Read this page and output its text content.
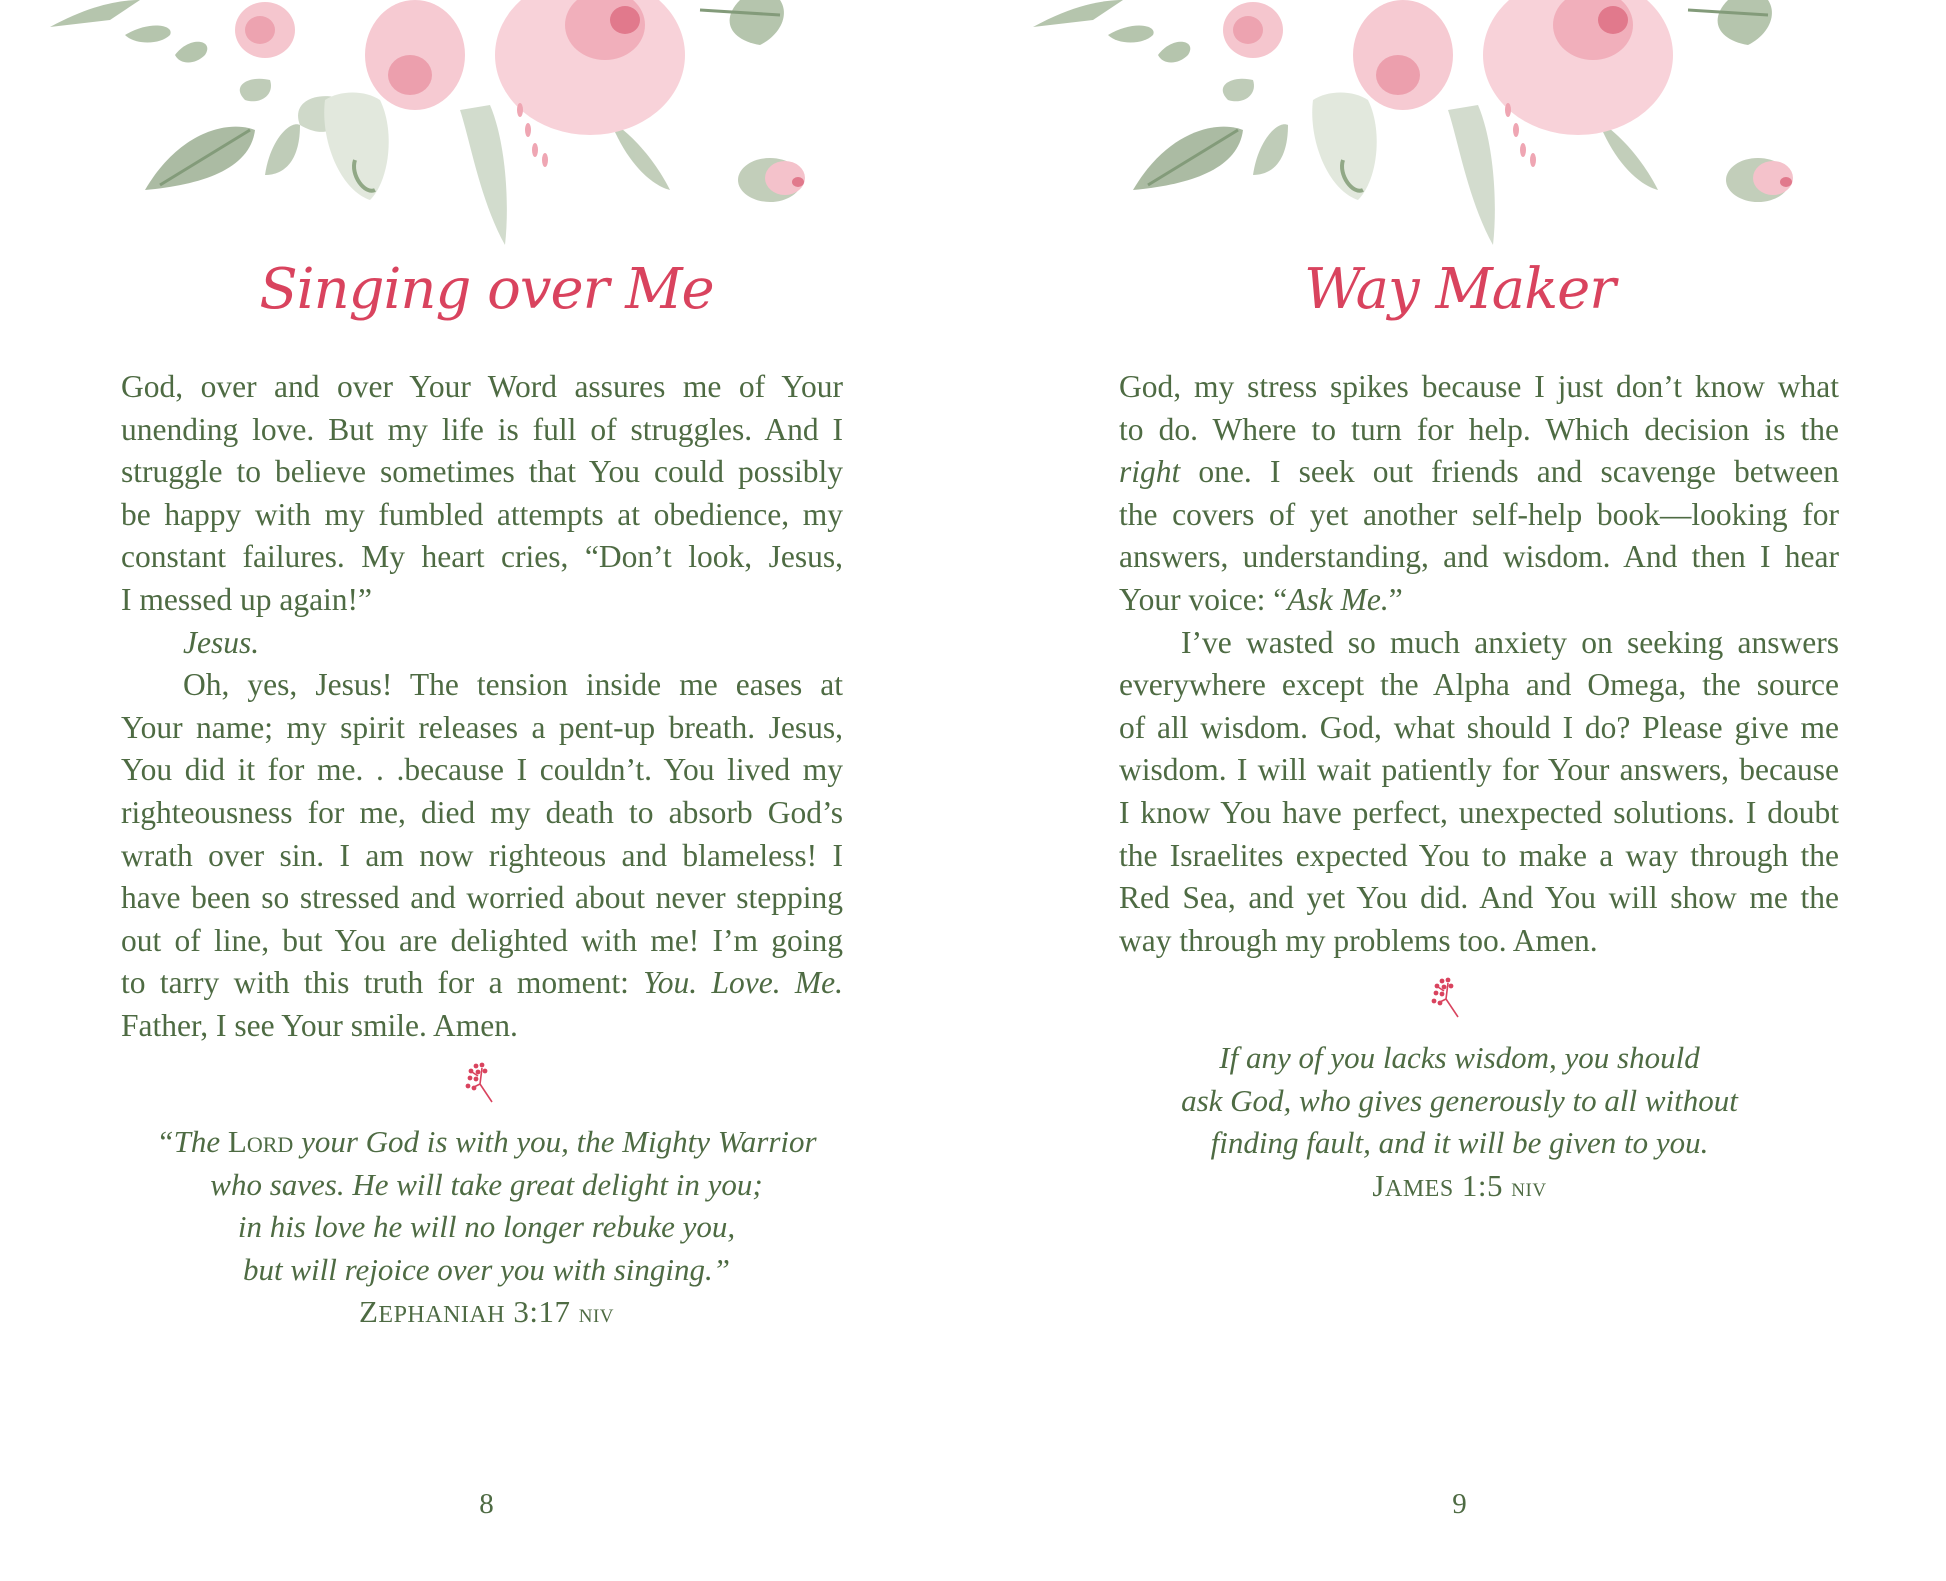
Singing over Me
God, over and over Your Word assures me of Your
unending love. But my life is full of struggles. And I
struggle to believe sometimes that You could possibly
be happy with my fumbled attempts at obedience, my
constant failures. My heart cries, “Don’t look, Jesus,
I messed up again!”
Jesus.
Oh, yes, Jesus! The tension inside me eases at
Your name; my spirit releases a pent-up breath. Jesus,
You did it for me. . .because I couldn’t. You lived my
righteousness for me, died my death to absorb God’s
wrath over sin. I am now righteous and blameless! I
have been so stressed and worried about never stepping
out of line, but You are delighted with me! I’m going
to tarry with this truth for a moment: You. Love. Me.
Father, I see Your smile. Amen.
“The Lord your God is with you, the Mighty Warrior
who saves. He will take great delight in you;
in his love he will no longer rebuke you,
but will rejoice over you with singing.”
ZEPHANIAH 3:17 niv
8
Way Maker
God, my stress spikes because I just don’t know what
to do. Where to turn for help. Which decision is the
right one. I seek out friends and scavenge between
the covers of yet another self-help book—looking for
answers, understanding, and wisdom. And then I hear
Your voice: “Ask Me.”
I’ve wasted so much anxiety on seeking answers
everywhere except the Alpha and Omega, the source
of all wisdom. God, what should I do? Please give me
wisdom. I will wait patiently for Your answers, because
I know You have perfect, unexpected solutions. I doubt
the Israelites expected You to make a way through the
Red Sea, and yet You did. And You will show me the
way through my problems too. Amen.
If any of you lacks wisdom, you should
ask God, who gives generously to all without
finding fault, and it will be given to you.
JAMES 1:5 niv
9
